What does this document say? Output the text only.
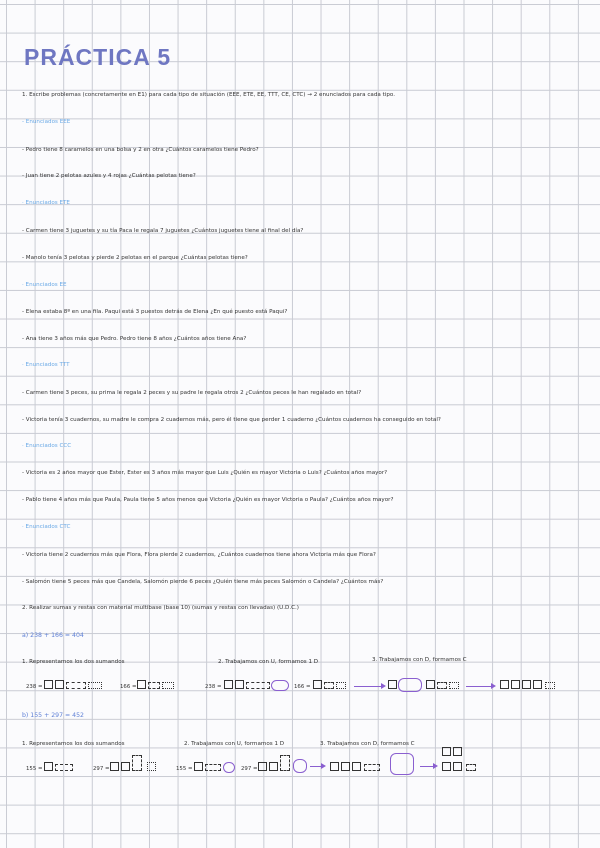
PRÁCTICA 5
1. Escribe problemas (concretamente en E1) para cada tipo de situación (EEE, ETE, EE, TTT, CE, CTC) → 2 enunciados para cada tipo.
- Enunciados EEE
- Pedro tiene 8 caramelos en una bolsa y 2 en otra ¿Cuántos caramelos tiene Pedro?
- Juan tiene 2 pelotas azules y 4 rojas ¿Cuántas pelotas tiene?
· Enunciados ETE
- Carmen tiene 3 juguetes y su tía Paca le regala 7 juguetes ¿Cuántos juguetes tiene al final del día?
- Manolo tenía 3 pelotas y pierde 2 pelotas en el parque ¿Cuántas pelotas tiene?
· Enunciados EE
- Elena estaba 8º en una fila. Paqui está 3 puestos detrás de Elena ¿En qué puesto está Paqui?
- Ana tiene 3 años más que Pedro. Pedro tiene 8 años ¿Cuántos años tiene Ana?
· Enunciados TTT
- Carmen tiene 3 peces, su prima le regala 2 peces y su padre le regala otros 2 ¿Cuántos peces le han regalado en total?
- Victoria tenía 3 cuadernos, su madre le compra 2 cuadernos más, pero él tiene que perder 1 cuaderno ¿Cuántos cuadernos ha conseguido en total?
· Enunciados CCC
- Victoria es 2 años mayor que Ester, Ester es 3 años más mayor que Luis ¿Quién es mayor Victoria o Luis? ¿Cuántos años mayor?
- Pablo tiene 4 años más que Paula, Paula tiene 5 años menos que Victoria ¿Quién es mayor Victoria o Paula? ¿Cuántos años mayor?
· Enunciados CTC
- Victoria tiene 2 cuadernos más que Flora, Flora pierde 2 cuadernos, ¿Cuántos cuadernos tiene ahora Victoria más que Flora?
- Salomón tiene 5 peces más que Candela, Salomón pierde 6 peces ¿Quién tiene más peces Salomón o Candela? ¿Cuántos más?
2. Realizar sumas y restas con material multibase (base 10) (sumas y restas con llevadas) (U.D.C.)
a) 238 + 166 = 404
1. Representamos los dos sumandos	2. Trabajamos con U, formamos 1 D	3. Trabajamos con D, formamos C
238 =	166 =	238 =	166 =
b) 155 + 297 = 452
1. Representamos los dos sumandos	2. Trabajamos con U, formamos 1 D	3. Trabajamos con D, formamos C
155 =	297 =	155 =	297 =
